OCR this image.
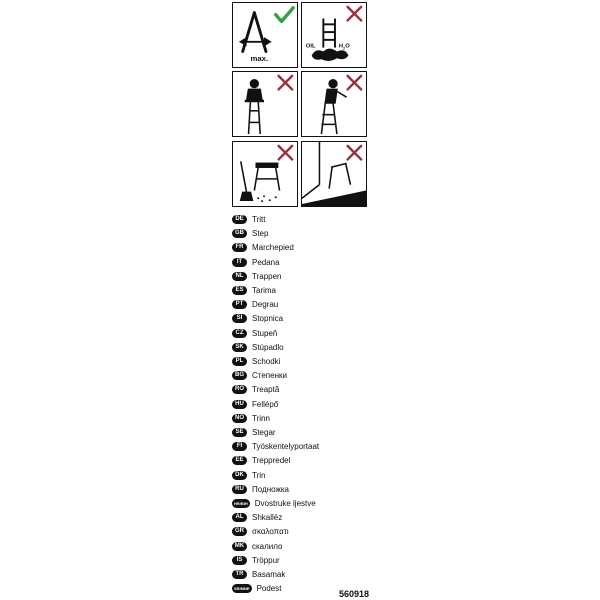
max.
OIL	$H_2O$
DE	Tritt
GB	Step
FR	Marchepied
IT	Pedana
NL	Trappen
ES	Tarima
PT	Degrau
SI	Stopnica
CZ	Stupeň
SK	Stúpadlo
PL	Schodki
BG	Степенки
RO	Treaptă
HU	Fellépő
NO	Trinn
SE	Stegar
FI	Työskentelyportaat
EE	Treppredel
DK	Trin
RU	Подножка
HR/BIH Dvostruke ljestve
AL	Shkallëz
GR	σκαλοπατι
MK скалило
IS	Tröppur
TR	Basamak
SR/MNE Podest
560918
